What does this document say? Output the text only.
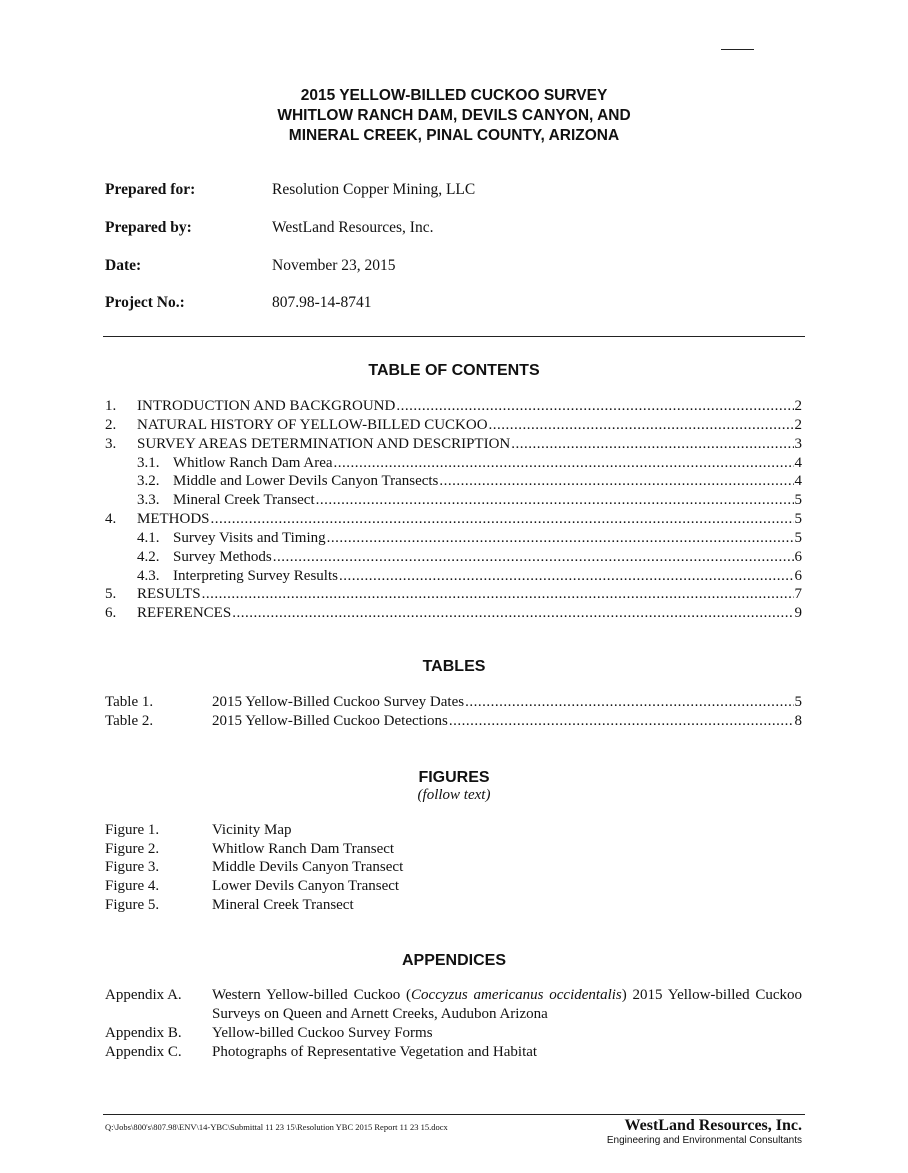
2015 YELLOW-BILLED CUCKOO SURVEY
WHITLOW RANCH DAM, DEVILS CANYON, AND
MINERAL CREEK, PINAL COUNTY, ARIZONA
Prepared for:	Resolution Copper Mining, LLC
Prepared by:	WestLand Resources, Inc.
Date:	November 23, 2015
Project No.:	807.98-14-8741
TABLE OF CONTENTS
1.	INTRODUCTION AND BACKGROUND .....	2
2.	NATURAL HISTORY OF YELLOW-BILLED CUCKOO .....	2
3.	SURVEY AREAS DETERMINATION AND DESCRIPTION .....	3
3.1. Whitlow Ranch Dam Area .....	4
3.2. Middle and Lower Devils Canyon Transects .....	4
3.3. Mineral Creek Transect .....	5
4.	METHODS .....	5
4.1. Survey Visits and Timing .....	5
4.2. Survey Methods .....	6
4.3. Interpreting Survey Results .....	6
5.	RESULTS .....	7
6.	REFERENCES .....	9
TABLES
Table 1.	2015 Yellow-Billed Cuckoo Survey Dates .....	5
Table 2.	2015 Yellow-Billed Cuckoo Detections .....	8
FIGURES
(follow text)
Figure 1.	Vicinity Map
Figure 2.	Whitlow Ranch Dam Transect
Figure 3.	Middle Devils Canyon Transect
Figure 4.	Lower Devils Canyon Transect
Figure 5.	Mineral Creek Transect
APPENDICES
Appendix A. Western Yellow-billed Cuckoo (Coccyzus americanus occidentalis) 2015 Yellow-billed Cuckoo Surveys on Queen and Arnett Creeks, Audubon Arizona
Appendix B. Yellow-billed Cuckoo Survey Forms
Appendix C. Photographs of Representative Vegetation and Habitat
Q:\Jobs\800's\807.98\ENV\14-YBC\Submittal 11 23 15\Resolution YBC 2015 Report 11 23 15.docx	WestLand Resources, Inc.
Engineering and Environmental Consultants
